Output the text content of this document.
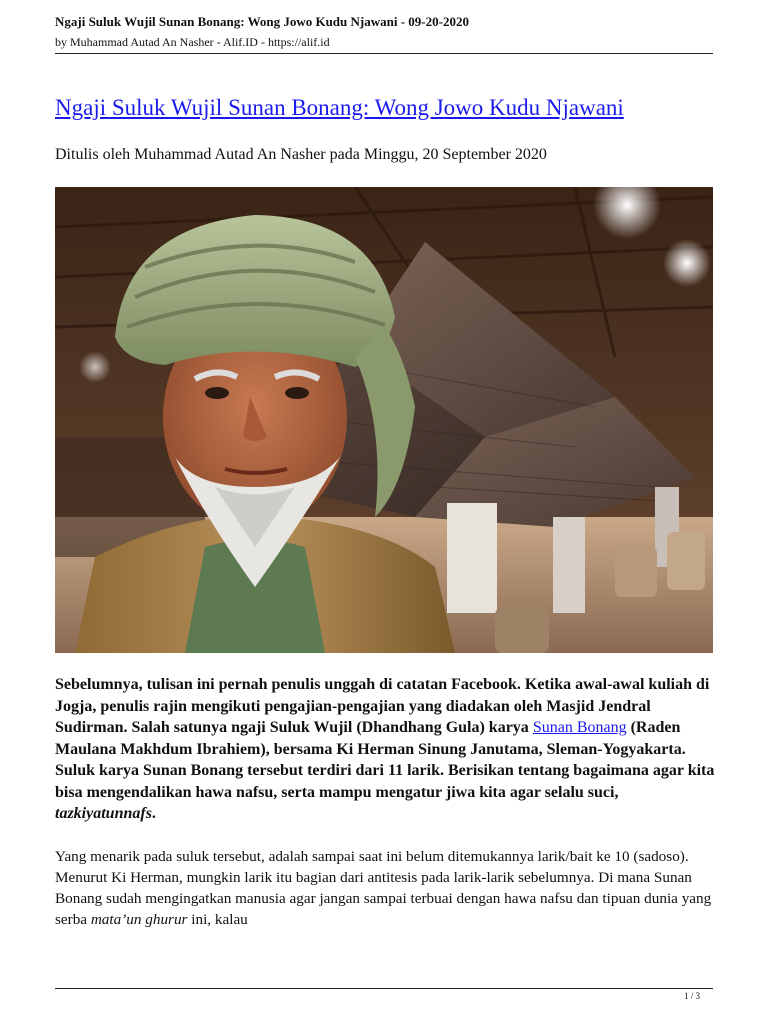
Ngaji Suluk Wujil Sunan Bonang: Wong Jowo Kudu Njawani - 09-20-2020
by Muhammad Autad An Nasher - Alif.ID - https://alif.id
Ngaji Suluk Wujil Sunan Bonang: Wong Jowo Kudu Njawani
Ditulis oleh Muhammad Autad An Nasher pada Minggu, 20 September 2020
Sebelumnya, tulisan ini pernah penulis unggah di catatan Facebook. Ketika awal-awal kuliah di Jogja, penulis rajin mengikuti pengajian-pengajian yang diadakan oleh Masjid Jendral Sudirman. Salah satunya ngaji Suluk Wujil (Dhandhang Gula) karya Sunan Bonang (Raden Maulana Makhdum Ibrahiem), bersama Ki Herman Sinung Janutama, Sleman-Yogyakarta. Suluk karya Sunan Bonang tersebut terdiri dari 11 larik. Berisikan tentang bagaimana agar kita bisa mengendalikan hawa nafsu, serta mampu mengatur jiwa kita agar selalu suci, tazkiyatunnafs.
Yang menarik pada suluk tersebut, adalah sampai saat ini belum ditemukannya larik/bait ke 10 (sadoso). Menurut Ki Herman, mungkin larik itu bagian dari antitesis pada larik-larik sebelumnya. Di mana Sunan Bonang sudah mengingatkan manusia agar jangan sampai terbuai dengan hawa nafsu dan tipuan dunia yang serba mata’un ghurur ini, kalau
1 / 3
